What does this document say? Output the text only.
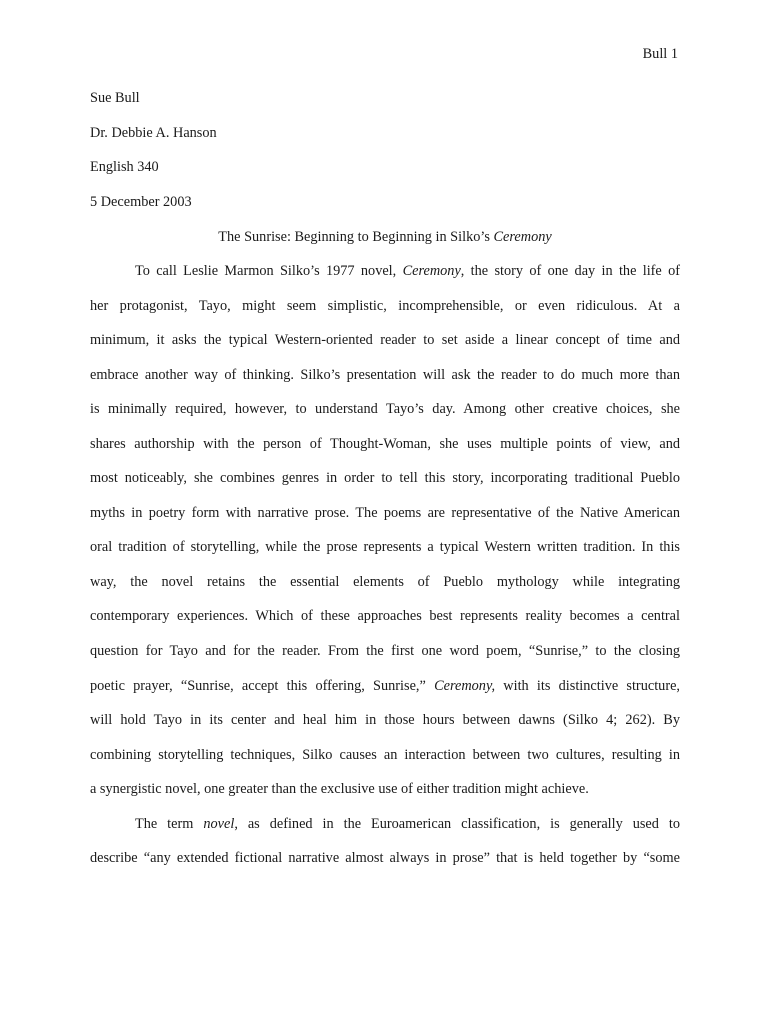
Bull 1
Sue Bull
Dr. Debbie A. Hanson
English 340
5 December 2003
The Sunrise: Beginning to Beginning in Silko’s Ceremony
To call Leslie Marmon Silko’s 1977 novel, Ceremony, the story of one day in the life of
her protagonist, Tayo, might seem simplistic, incomprehensible, or even ridiculous. At a
minimum, it asks the typical Western-oriented reader to set aside a linear concept of time and
embrace another way of thinking. Silko’s presentation will ask the reader to do much more than
is minimally required, however, to understand Tayo’s day. Among other creative choices, she
shares authorship with the person of Thought-Woman, she uses multiple points of view, and
most noticeably, she combines genres in order to tell this story, incorporating traditional Pueblo
myths in poetry form with narrative prose. The poems are representative of the Native American
oral tradition of storytelling, while the prose represents a typical Western written tradition. In this
way, the novel retains the essential elements of Pueblo mythology while integrating
contemporary experiences. Which of these approaches best represents reality becomes a central
question for Tayo and for the reader. From the first one word poem, “Sunrise,” to the closing
poetic prayer, “Sunrise, accept this offering, Sunrise,” Ceremony, with its distinctive structure,
will hold Tayo in its center and heal him in those hours between dawns (Silko 4; 262). By
combining storytelling techniques, Silko causes an interaction between two cultures, resulting in
a synergistic novel, one greater than the exclusive use of either tradition might achieve.
The term novel, as defined in the Euroamerican classification, is generally used to
describe “any extended fictional narrative almost always in prose” that is held together by “some
